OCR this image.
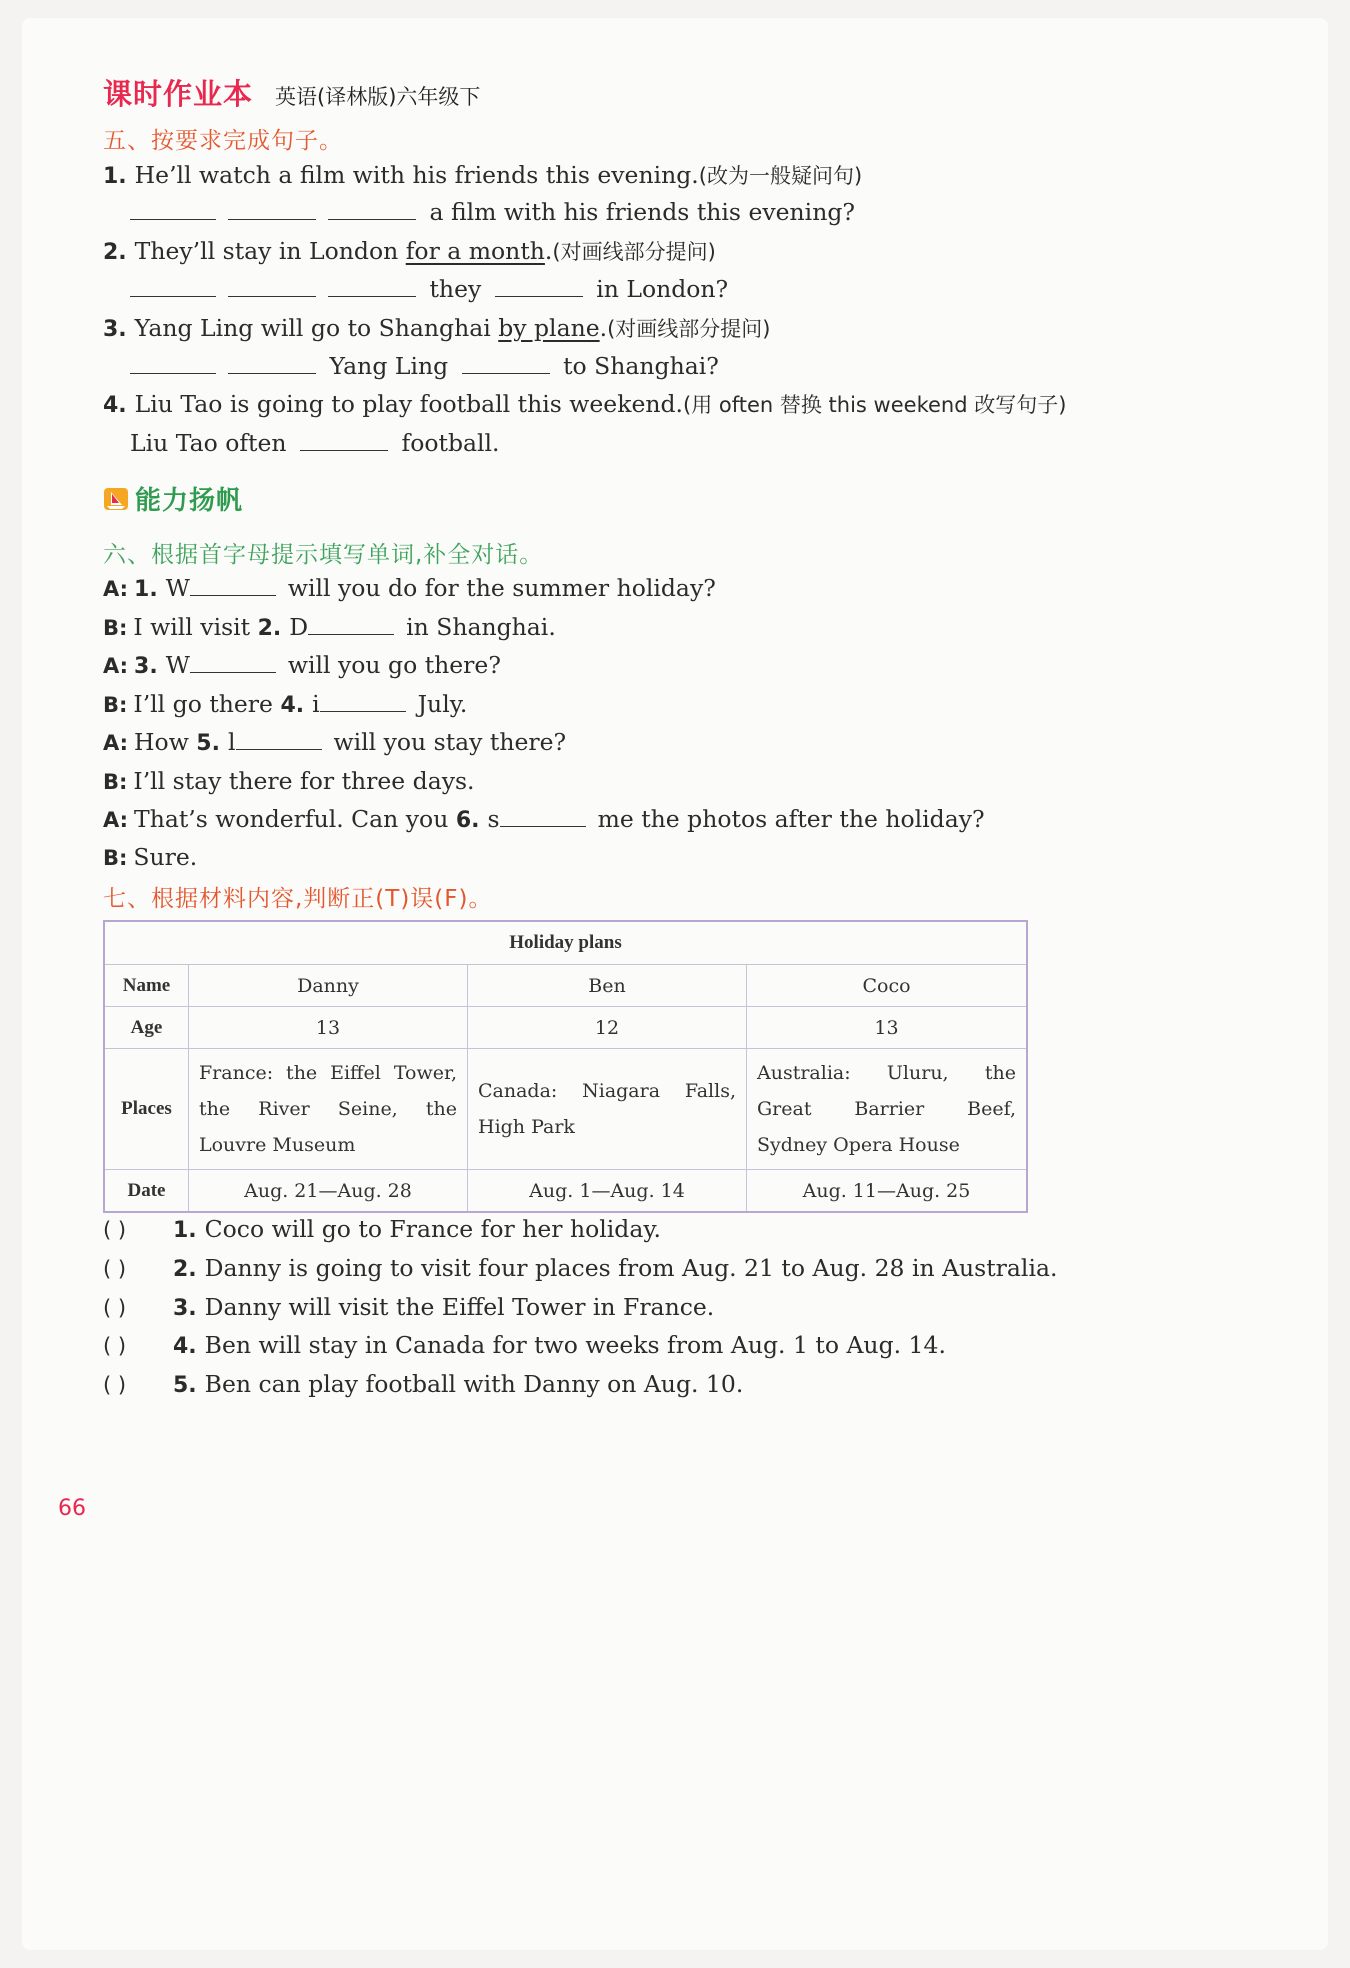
课时作业本 英语(译林版)六年级下
五、按要求完成句子。
1. He’ll watch a film with his friends this evening.(改为一般疑问句)
a film with his friends this evening?
2. They’ll stay in London for a month.(对画线部分提问)
they	in London?
3. Yang Ling will go to Shanghai by plane.(对画线部分提问)
Yang Ling	to Shanghai?
4. Liu Tao is going to play football this weekend.(用 often 替换 this weekend 改写句子)
Liu Tao often	football.
能力扬帆
六、根据首字母提示填写单词,补全对话。
A: 1. W	will you do for the summer holiday?
B: I will visit 2. D	in Shanghai.
A: 3. W	will you go there?
B: I’ll go there 4. i	July.
A: How 5. l	will you stay there?
B: I’ll stay there for three days.
A: That’s wonderful. Can you 6. s	me the photos after the holiday?
B: Sure.
七、根据材料内容,判断正(T)误(F)。
Holiday plans			
Name	Danny	Ben	Coco
Age	13	12	13
Places	France: the Eiffel Tower, the River Seine, the Louvre Museum	Canada: Niagara Falls, High Park	Australia: Uluru, the Great Barrier Beef, Sydney Opera House
Date	Aug. 21—Aug. 28	Aug. 1—Aug. 14	Aug. 11—Aug. 25
( ) 1. Coco will go to France for her holiday.
( ) 2. Danny is going to visit four places from Aug. 21 to Aug. 28 in Australia.
( ) 3. Danny will visit the Eiffel Tower in France.
( ) 4. Ben will stay in Canada for two weeks from Aug. 1 to Aug. 14.
( ) 5. Ben can play football with Danny on Aug. 10.
66
